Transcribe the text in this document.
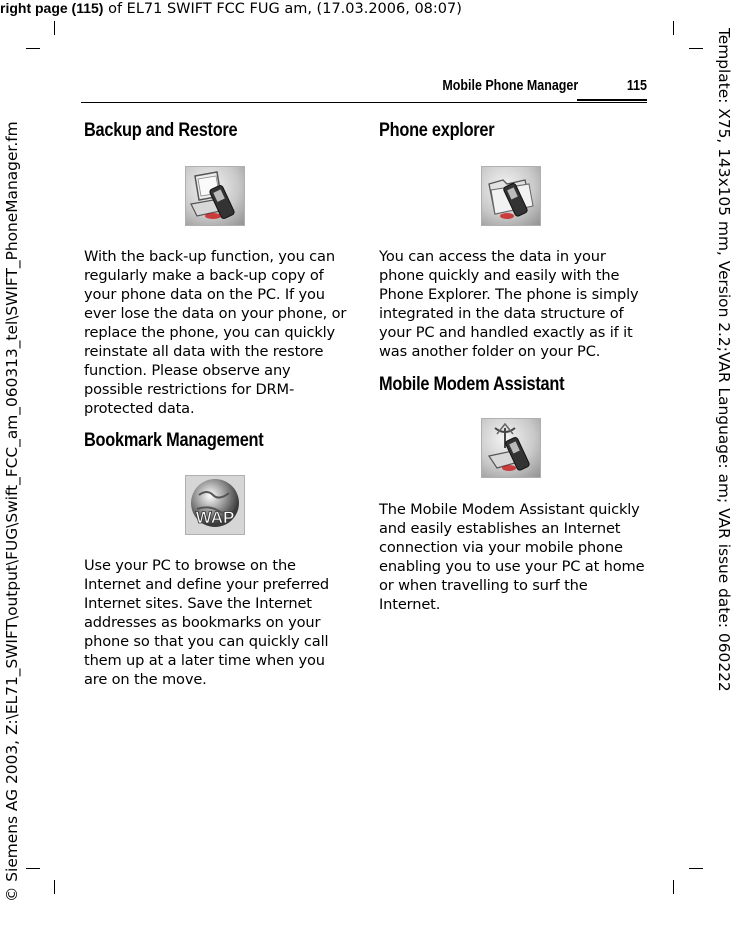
right page (115) of EL71 SWIFT FCC FUG am, (17.03.2006, 08:07)
Template: X75, 143x105 mm, Version 2.2;VAR Language: am; VAR issue date: 060222
© Siemens AG 2003, Z:\EL71_SWIFT\output\FUG\Swift_FCC_am_060313_tel\SWIFT_PhoneManager.fm
Mobile Phone Manager	115
Backup and Restore

With the back-up function, you can regularly make a back-up copy of your phone data on the PC. If you ever lose the data on your phone, or replace the phone, you can quickly reinstate all data with the restore function. Please observe any possible restrictions for DRM-protected data.

Bookmark Management
WAP

Use your PC to browse on the Internet and define your preferred Internet sites. Save the Internet addresses as bookmarks on your phone so that you can quickly call them up at a later time when you are on the move.

Phone explorer

You can access the data in your phone quickly and easily with the Phone Explorer. The phone is simply integrated in the data structure of your PC and handled exactly as if it was another folder on your PC.

Mobile Modem Assistant

The Mobile Modem Assistant quickly and easily establishes an Internet connection via your mobile phone enabling you to use your PC at home or when travelling to surf the Internet.
